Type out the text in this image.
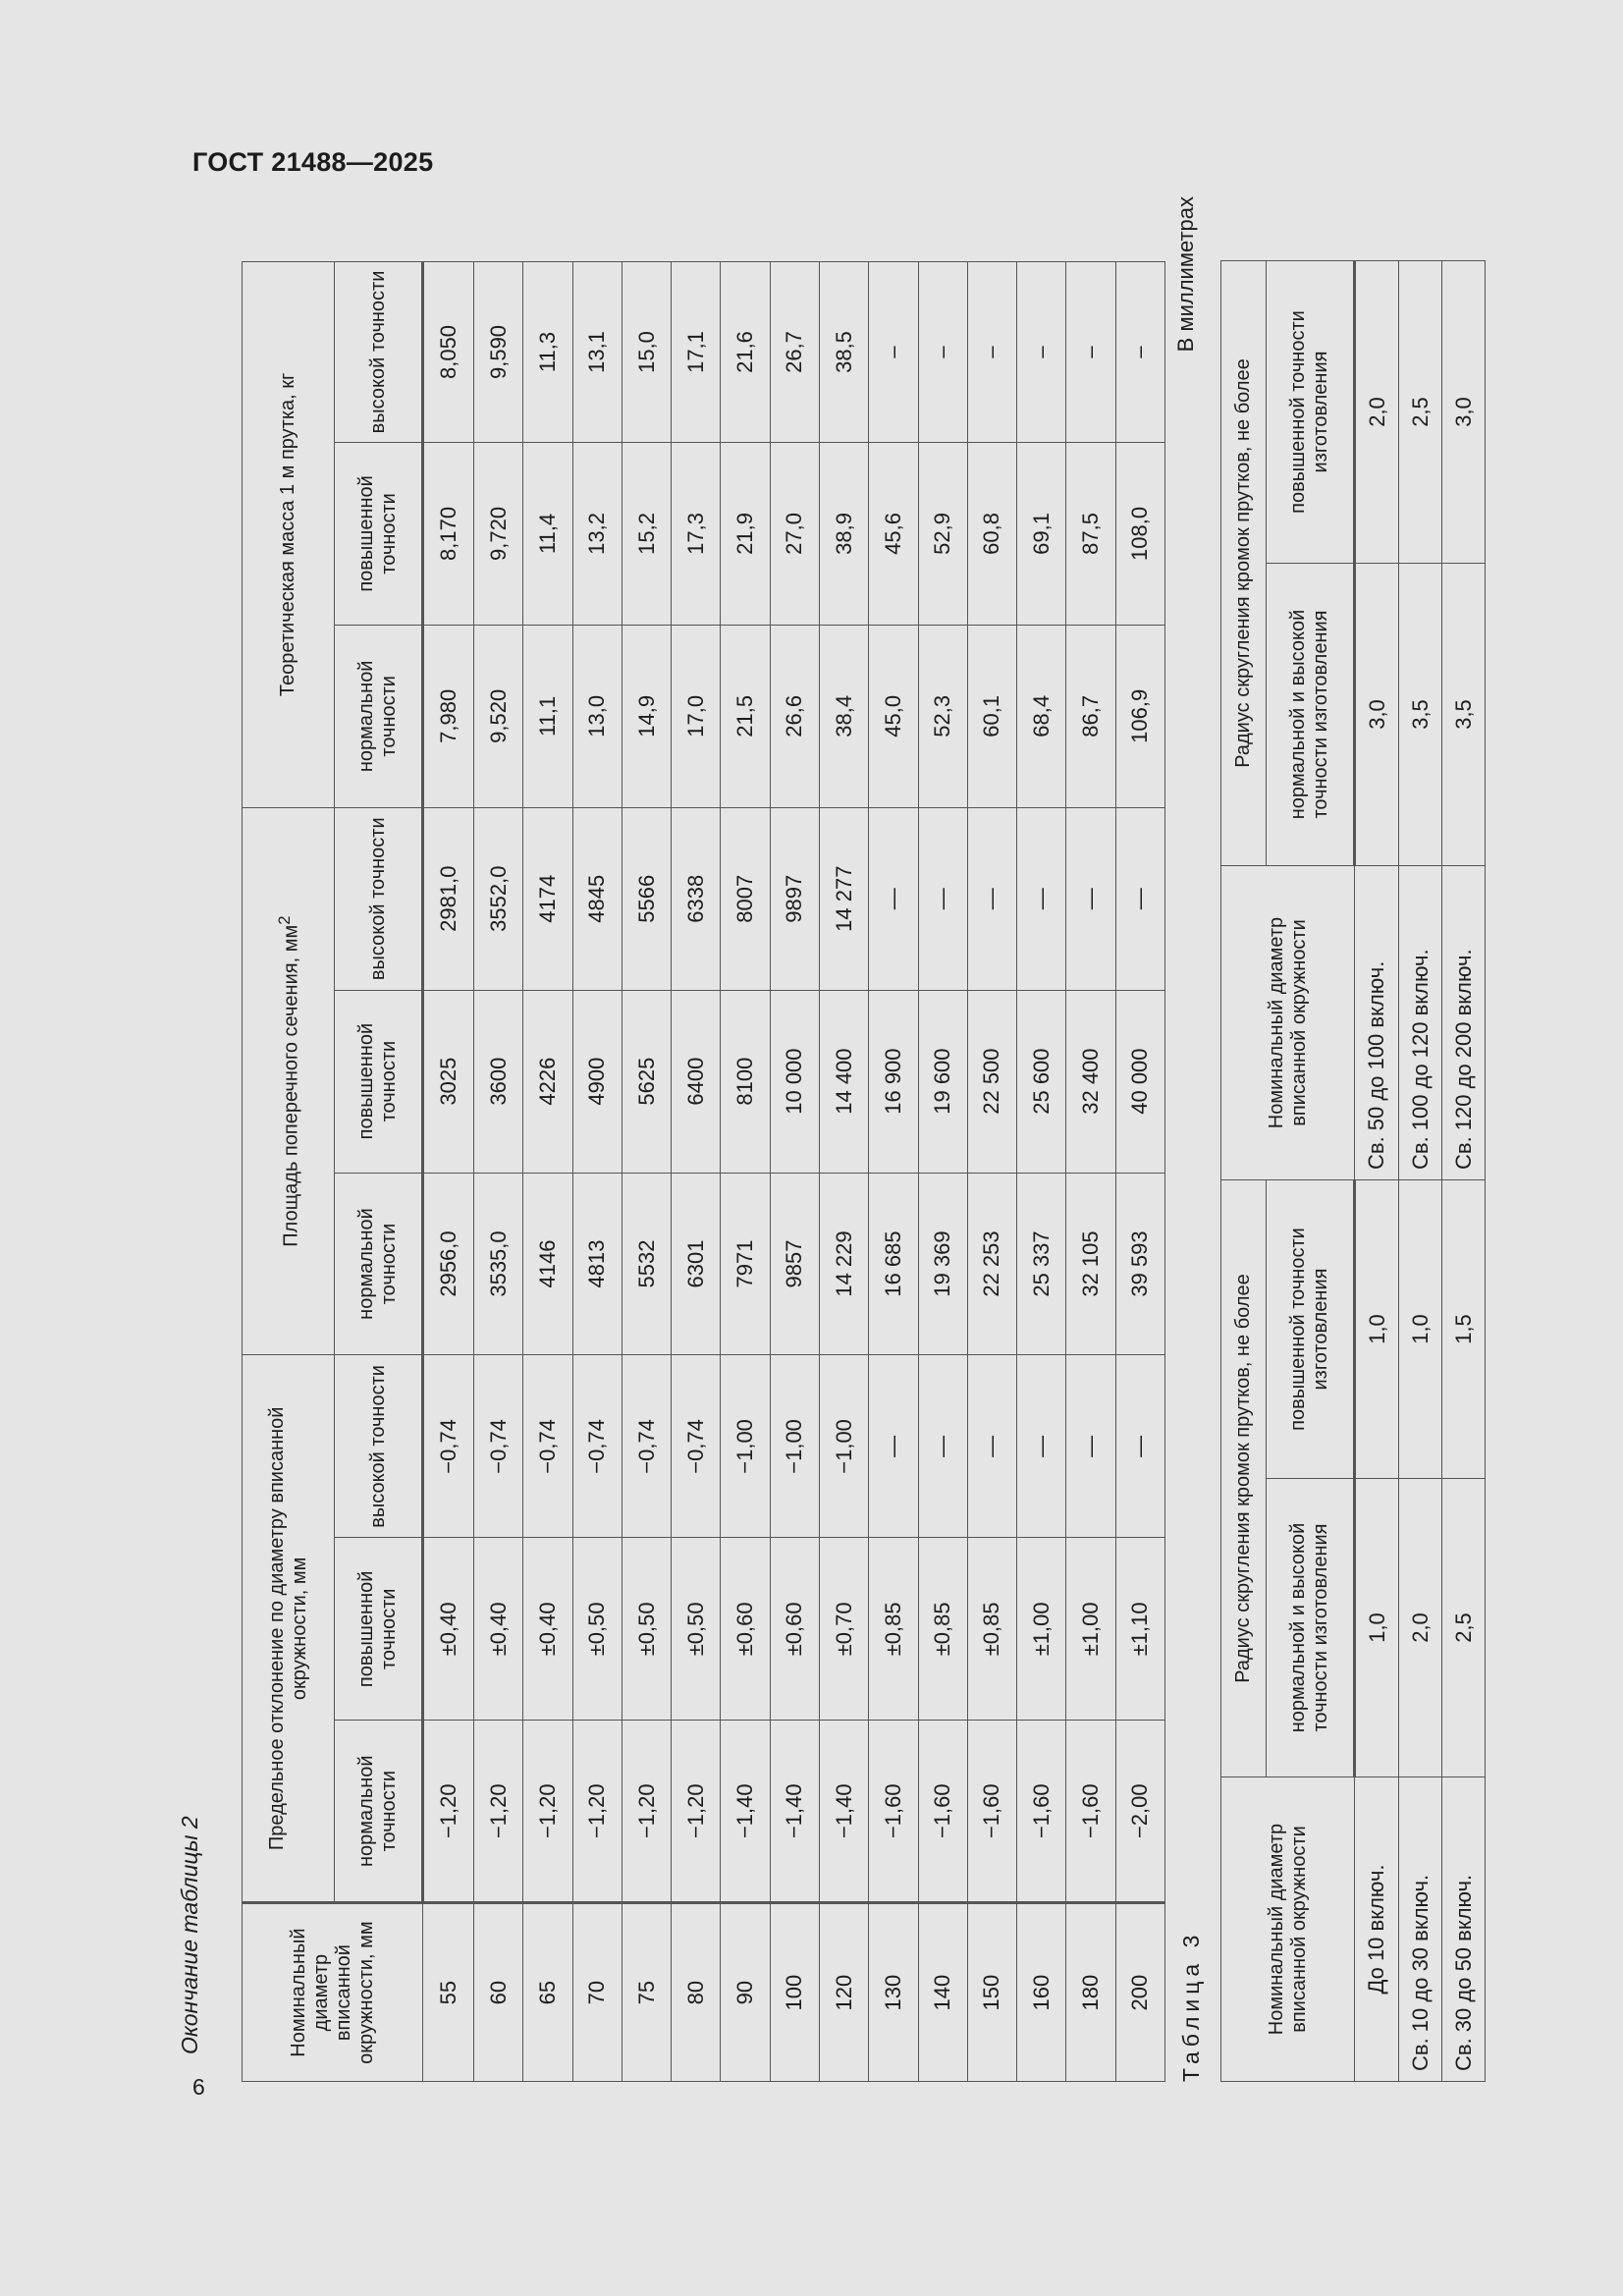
ГОСТ 21488—2025
6
Окончание таблицы 2	Номинальный диаметр вписанной окружности, мм	Предельное отклонение по диаметру вписанной окружности, мм			Площадь поперечного сечения, $мм^2$			Теоретическая масса 1 м прутка, кг		
	нормальной точности	повышенной точности	высокой точности	нормальной точности	повышенной точности	высокой точности	нормальной точности	повышенной точности	высокой точности
55	−1,20	±0,40	−0,74	2956,0	3025	2981,0	7,980	8,170	8,050
60	−1,20	±0,40	−0,74	3535,0	3600	3552,0	9,520	9,720	9,590
65	−1,20	±0,40	−0,74	4146	4226	4174	11,1	11,4	11,3
70	−1,20	±0,50	−0,74	4813	4900	4845	13,0	13,2	13,1
75	−1,20	±0,50	−0,74	5532	5625	5566	14,9	15,2	15,0
80	−1,20	±0,50	−0,74	6301	6400	6338	17,0	17,3	17,1
90	−1,40	±0,60	−1,00	7971	8100	8007	21,5	21,9	21,6
100	−1,40	±0,60	−1,00	9857	10 000	9897	26,6	27,0	26,7
120	−1,40	±0,70	−1,00	14 229	14 400	14 277	38,4	38,9	38,5
130	−1,60	±0,85	—	16 685	16 900	—	45,0	45,6	–
140	−1,60	±0,85	—	19 369	19 600	—	52,3	52,9	–
150	−1,60	±0,85	—	22 253	22 500	—	60,1	60,8	–
160	−1,60	±1,00	—	25 337	25 600	—	68,4	69,1	–
180	−1,60	±1,00	—	32 105	32 400	—	86,7	87,5	–
200	−2,00	±1,10	—	39 593	40 000	—	106,9	108,0	–
Таблица 3
В миллиметрах
Номинальный диаметр вписанной окружности	Радиус скругления кромок прутков, не более		Номинальный диаметр вписанной окружности	Радиус скругления кромок прутков, не более	
	нормальной и высокой точности изготовления	повышенной точности изготовления		нормальной и высокой точности изготовления	повышенной точности изготовления
До 10 включ.	1,0	1,0	Св. 50 до 100 включ.	3,0	2,0
Св. 10 до 30 включ.	2,0	1,0	Св. 100 до 120 включ.	3,5	2,5
Св. 30 до 50 включ.	2,5	1,5	Св. 120 до 200 включ.	3,5	3,0
